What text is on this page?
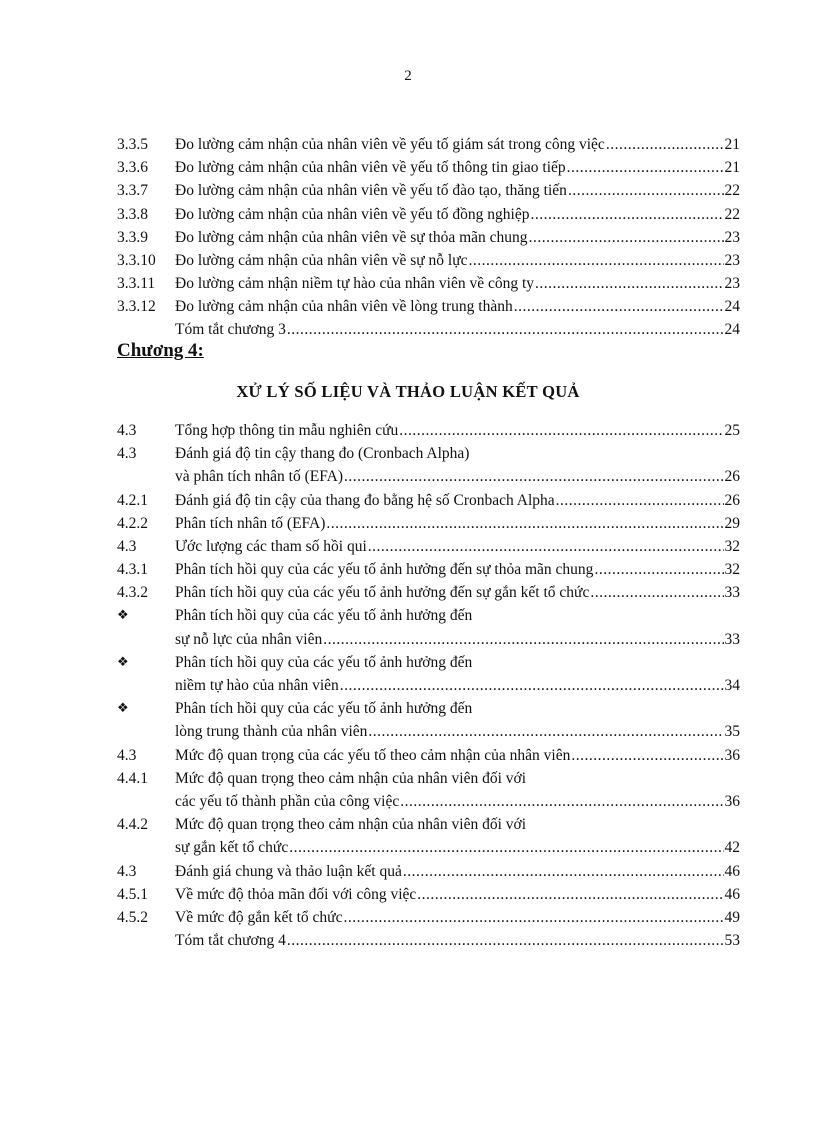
2
3.3.5	Đo lường cảm nhận của nhân viên về yếu tố giám sát trong công việc .....	21
3.3.6	Đo lường cảm nhận của nhân viên về yếu tố thông tin giao tiếp .....	21
3.3.7	Đo lường cảm nhận của nhân viên về yếu tố đào tạo, thăng tiến .....	22
3.3.8	Đo lường cảm nhận của nhân viên về yếu tố đồng nghiệp .....	22
3.3.9	Đo lường cảm nhận của nhân viên về sự thỏa mãn chung .....	23
3.3.10	Đo lường cảm nhận của nhân viên về sự nỗ lực .....	23
3.3.11	Đo lường cảm nhận niềm tự hào của nhân viên về công ty .....	23
3.3.12	Đo lường cảm nhận của nhân viên về lòng trung thành .....	24
Tóm tắt chương 3 .....	24
Chương 4:
XỬ LÝ SỐ LIỆU VÀ THẢO LUẬN KẾT QUẢ
4.3	Tổng hợp thông tin mẫu nghiên cứu .....	25
4.3	Đánh giá độ tin cậy thang đo (Cronbach Alpha)
và phân tích nhân tố (EFA) .....	26
4.2.1	Đánh giá độ tin cậy của thang đo bằng hệ số Cronbach Alpha .....	26
4.2.2	Phân tích nhân tố (EFA) .....	29
4.3	Ước lượng các tham số hồi qui .....	32
4.3.1	Phân tích hồi quy của các yếu tố ảnh hưởng đến sự thỏa mãn chung .....	32
4.3.2	Phân tích hồi quy của các yếu tố ảnh hưởng đến sự gắn kết tổ chức .....	33
❖	Phân tích hồi quy của các yếu tố ảnh hưởng đến
sự nỗ lực của nhân viên .....	33
❖	Phân tích hồi quy của các yếu tố ảnh hưởng đến
niềm tự hào của nhân viên .....	34
❖	Phân tích hồi quy của các yếu tố ảnh hưởng đến
lòng trung thành của nhân viên .....	35
4.3	Mức độ quan trọng của các yếu tố theo cảm nhận của nhân viên .....	36
4.4.1	Mức độ quan trọng theo cảm nhận của nhân viên đối với
các yếu tố thành phần của công việc .....	36
4.4.2	Mức độ quan trọng theo cảm nhận của nhân viên đối với
sự gắn kết tổ chức .....	42
4.3	Đánh giá chung và thảo luận kết quả .....	46
4.5.1	Về mức độ thỏa mãn đối với công việc .....	46
4.5.2	Về mức độ gắn kết tổ chức .....	49
Tóm tắt chương 4 .....	53
